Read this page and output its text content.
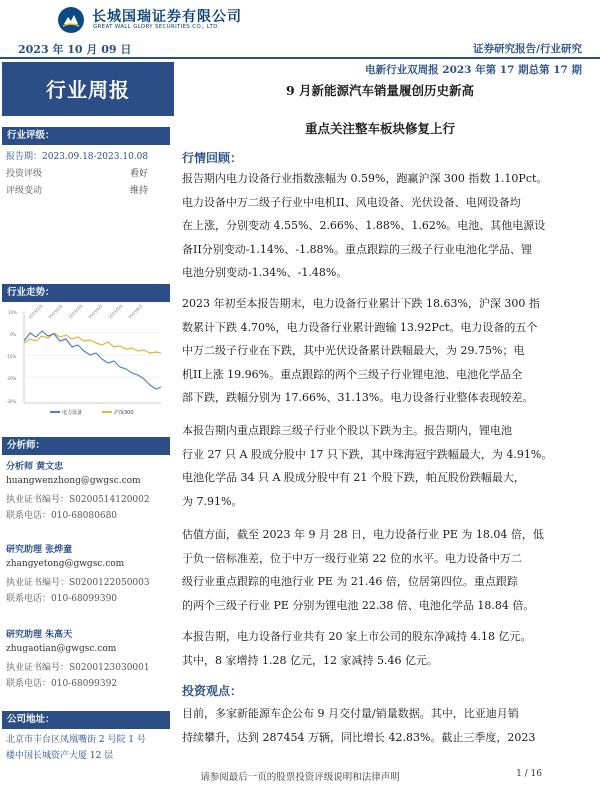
长城国瑞证券有限公司
GREAT WALL GLORY SECURITIES CO., LTD.
2023 年 10 月 09 日	证券研究报告/行业研究
行业周报
行业评级：
报告期：2023.09.18-2023.10.08
投资评级	看好
评级变动	维持
行业走势：
10%
0%
-10%
-20%
-30%
2023/1/3 2023/2/3 2023/3/3 2023/4/3 2023/5/3 2023/6/3
电力设备	沪深300
分析师：
分析师 黄文忠
huangwenzhong@gwgsc.com
执业证书编号：S0200514120002
联系电话：010-68080680
研究助理 张烨童
zhangyetong@gwgsc.com
执业证书编号：S0200122050003
联系电话：010-68099390
研究助理 朱高天
zhugaotian@gwgsc.com
执业证书编号：S0200123030001
联系电话：010-68099392
公司地址：
北京市丰台区凤凰嘴街 2 号院 1 号
楼中国长城资产大厦 12 层
电新行业双周报 2023 年第 17 期总第 17 期
9 月新能源汽车销量履创历史新高
重点关注整车板块修复上行
行情回顾：
报告期内电力设备行业指数涨幅为 0.59%，跑赢沪深 300 指数 1.10Pct。
电力设备中万二级子行业中电机II、风电设备、光伏设备、电网设备均
在上涨，分别变动 4.55%、2.66%、1.88%、1.62%。电池、其他电源设
备II分别变动-1.14%、-1.88%。重点跟踪的三级子行业电池化学品、锂
电池分别变动-1.34%、-1.48%。
2023 年初至本报告期末，电力设备行业累计下跌 18.63%，沪深 300 指
数累计下跌 4.70%，电力设备行业累计跑输 13.92Pct。电力设备的五个
中万二级子行业在下跌，其中光伏设备累计跌幅最大，为 29.75%；电
机II上涨 19.96%。重点跟踪的两个三级子行业锂电池、电池化学品全
部下跌，跌幅分别为 17.66%、31.13%。电力设备行业整体表现较差。
本报告期内重点跟踪三级子行业个股以下跌为主。报告期内，锂电池
行业 27 只 A 股成分股中 17 只下跌，其中珠海冠宇跌幅最大，为 4.91%。
电池化学品 34 只 A 股成分股中有 21 个股下跌，帕瓦股份跌幅最大，
为 7.91%。
估值方面，截至 2023 年 9 月 28 日，电力设备行业 PE 为 18.04 倍，低
于负一倍标准差，位于中万一级行业第 22 位的水平。电力设备中万二
级行业重点跟踪的电池行业 PE 为 21.46 倍，位居第四位。重点跟踪
的两个三级子行业 PE 分别为锂电池 22.38 倍、电池化学品 18.84 倍。
本报告期，电力设备行业共有 20 家上市公司的股东净减持 4.18 亿元。
其中，8 家增持 1.28 亿元，12 家减持 5.46 亿元。
投资观点：
目前，多家新能源车企公布 9 月交付量/销量数据。其中，比亚迪月销
持续攀升，达到 287454 万辆，同比增长 42.83%。截止三季度，2023
请参阅最后一页的股票投资评级说明和法律声明	1 / 16
